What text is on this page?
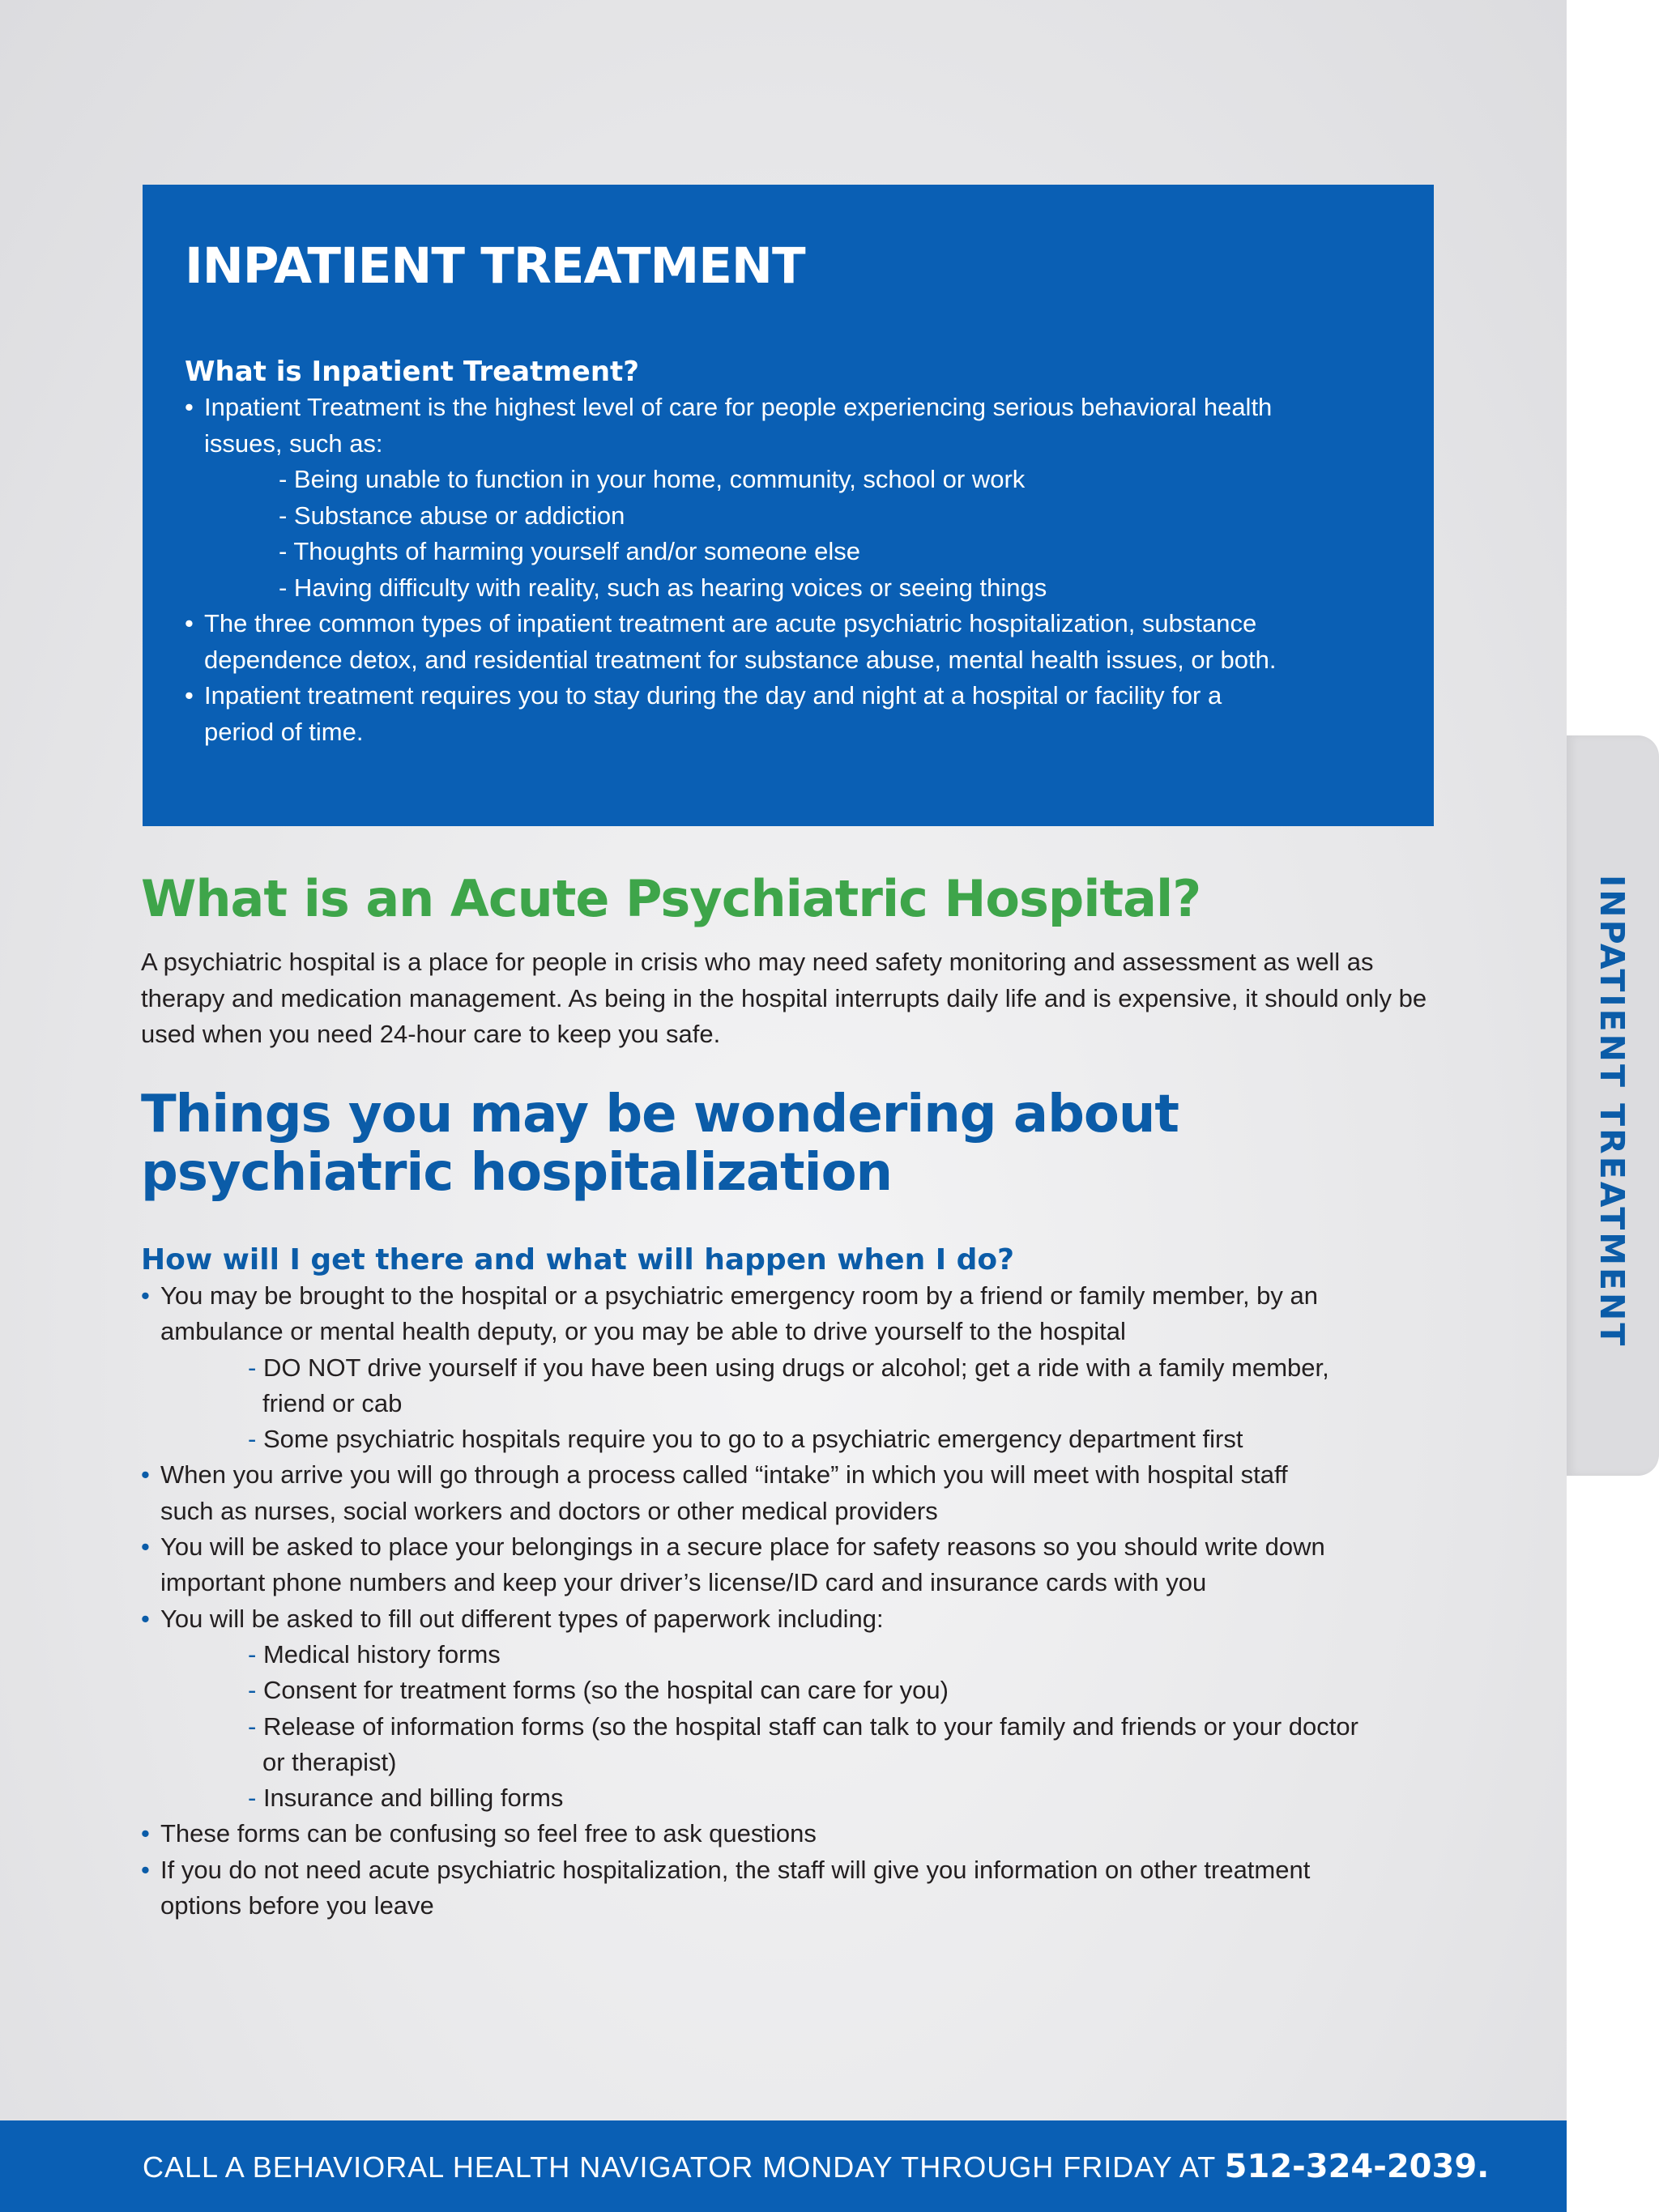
INPATIENT TREATMENT

INPATIENT TREATMENT
What is Inpatient Treatment?
• Inpatient Treatment is the highest level of care for people experiencing serious behavioral health
issues, such as:
- Being unable to function in your home, community, school or work
- Substance abuse or addiction
- Thoughts of harming yourself and/or someone else
- Having difficulty with reality, such as hearing voices or seeing things
• The three common types of inpatient treatment are acute psychiatric hospitalization, substance
dependence detox, and residential treatment for substance abuse, mental health issues, or both.
• Inpatient treatment requires you to stay during the day and night at a hospital or facility for a
period of time.
What is an Acute Psychiatric Hospital?

A psychiatric hospital is a place for people in crisis who may need safety monitoring and assessment as well as therapy and medication management. As being in the hospital interrupts daily life and is expensive, it should only be used when you need 24-hour care to keep you safe.

Things you may be wondering about psychiatric hospitalization
How will I get there and what will happen when I do?
• You may be brought to the hospital or a psychiatric emergency room by a friend or family member, by an
ambulance or mental health deputy, or you may be able to drive yourself to the hospital
- DO NOT drive yourself if you have been using drugs or alcohol; get a ride with a family member,
friend or cab
- Some psychiatric hospitals require you to go to a psychiatric emergency department first
• When you arrive you will go through a process called “intake” in which you will meet with hospital staff
such as nurses, social workers and doctors or other medical providers
• You will be asked to place your belongings in a secure place for safety reasons so you should write down
important phone numbers and keep your driver’s license/ID card and insurance cards with you
• You will be asked to fill out different types of paperwork including:
- Medical history forms
- Consent for treatment forms (so the hospital can care for you)
- Release of information forms (so the hospital staff can talk to your family and friends or your doctor
or therapist)
- Insurance and billing forms
• These forms can be confusing so feel free to ask questions
• If you do not need acute psychiatric hospitalization, the staff will give you information on other treatment
options before you leave

CALL A BEHAVIORAL HEALTH NAVIGATOR MONDAY THROUGH FRIDAY AT 512-324-2039.
